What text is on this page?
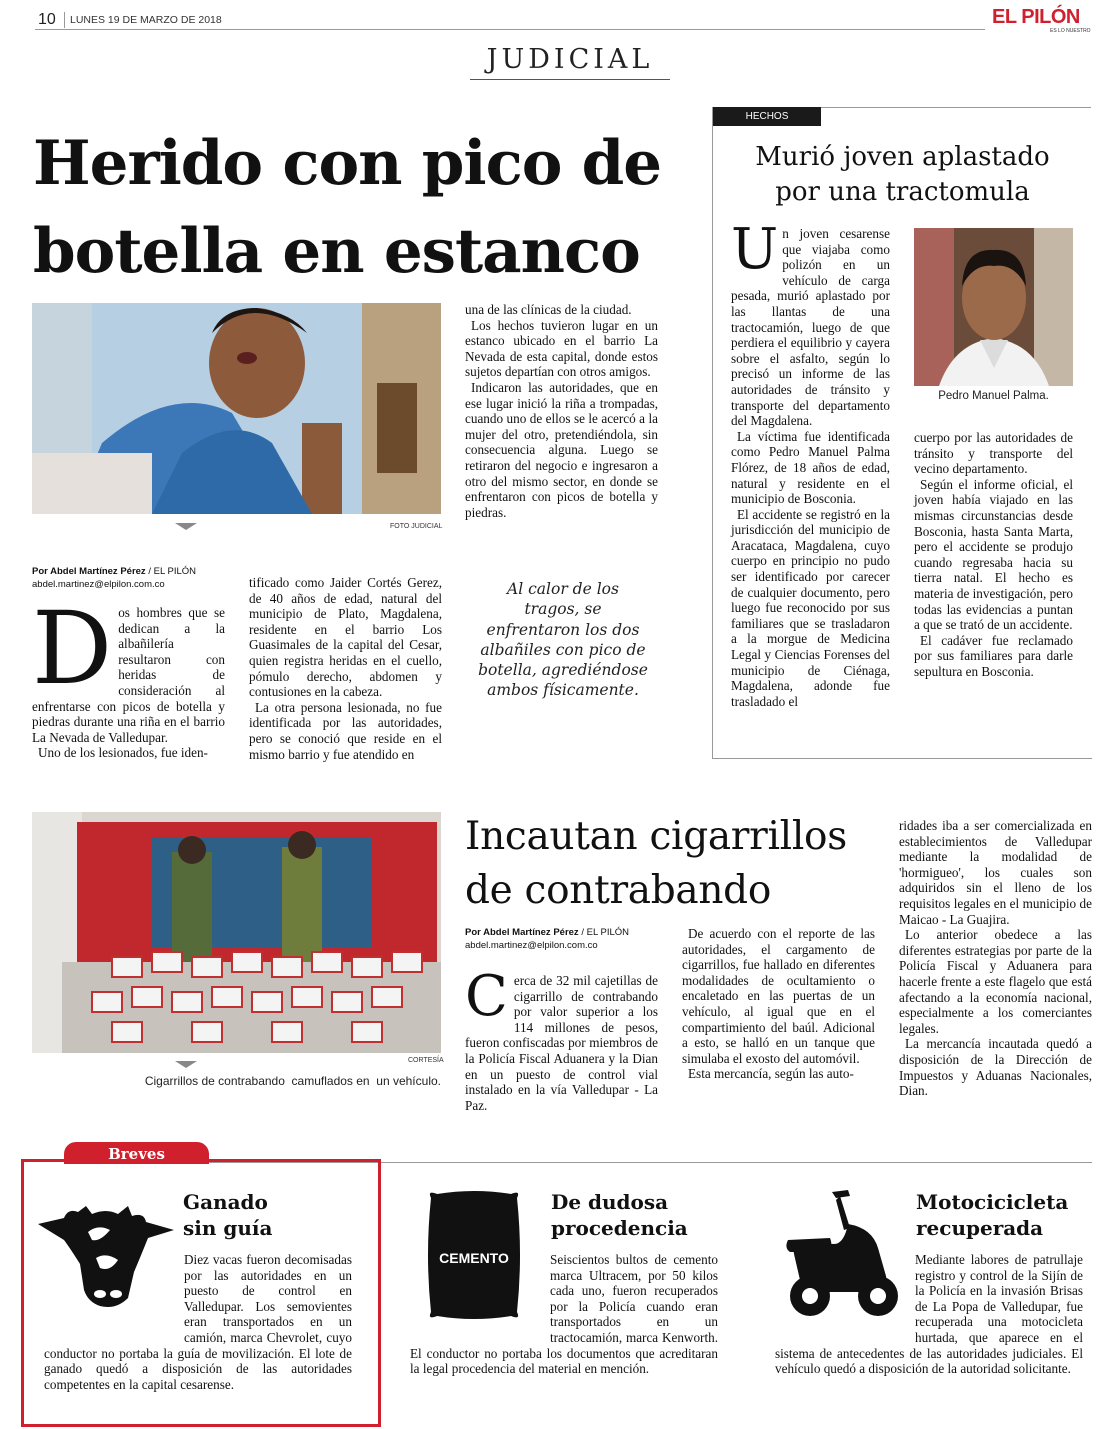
10 LUNES 19 DE MARZO DE 2018	EL PILÓN
ES LO NUESTRO
JUDICIAL
Herido con pico de botella en estanco
FOTO JUDICIAL
Por Abdel Martínez Pérez / EL PILÓN
abdel.martinez@elpilon.com.co
D os hombres que se dedican a la albañilería resultaron con heridas de consideración al enfrentarse con picos de botella y piedras durante una riña en el barrio La Nevada de Valledupar.

Uno de los lesionados, fue iden-

tificado como Jaider Cortés Gerez, de 40 años de edad, natural del municipio de Plato, Magdalena, residente en el barrio Los Guasimales de la capital del Cesar, quien registra heridas en el cuello, pómulo derecho, abdomen y contusiones en la cabeza.

La otra persona lesionada, no fue identificada por las autoridades, pero se conoció que reside en el mismo barrio y fue atendido en

una de las clínicas de la ciudad.

Los hechos tuvieron lugar en un estanco ubicado en el barrio La Nevada de esta capital, donde estos sujetos departían con otros amigos.

Indicaron las autoridades, que en ese lugar inició la riña a trompadas, cuando uno de ellos se le acercó a la mujer del otro, pretendiéndola, sin consecuencia alguna. Luego se retiraron del negocio e ingresaron a otro del mismo sector, en donde se enfrentaron con picos de botella y piedras.

Al calor de los tragos, se enfrentaron los dos albañiles con pico de botella, agrediéndose ambos físicamente.
HECHOS
Murió joven aplastado por una tractomula
Pedro Manuel Palma.
U n joven cesarense que viajaba como polizón en un vehículo de carga pesada, murió aplastado por las llantas de una tractocamión, luego de que perdiera el equilibrio y cayera sobre el asfalto, según lo precisó un informe de las autoridades de tránsito y transporte del departamento del Magdalena.

La víctima fue identificada como Pedro Manuel Palma Flórez, de 18 años de edad, natural y residente en el municipio de Bosconia.

El accidente se registró en la jurisdicción del municipio de Aracataca, Magdalena, cuyo cuerpo en principio no pudo ser identificado por carecer de cualquier documento, pero luego fue reconocido por sus familiares que se trasladaron a la morgue de Medicina Legal y Ciencias Forenses del municipio de Ciénaga, Magdalena, adonde fue trasladado el

cuerpo por las autoridades de tránsito y transporte del vecino departamento.

Según el informe oficial, el joven había viajado en las mismas circunstancias desde Bosconia, hasta Santa Marta, pero el accidente se produjo cuando regresaba hacia su tierra natal. El hecho es materia de investigación, pero todas las evidencias a puntan a que se trató de un accidente.

El cadáver fue reclamado por sus familiares para darle sepultura en Bosconia.

CORTESÍA
Cigarrillos de contrabando  camuflados en  un vehículo.
Incautan cigarrillos de contrabando
Por Abdel Martínez Pérez / EL PILÓN
abdel.martinez@elpilon.com.co
C erca de 32 mil cajetillas de cigarrillo de contrabando por valor superior a los 114 millones de pesos, fueron confiscadas por miembros de la Policía Fiscal Aduanera y la Dian en un puesto de control vial instalado en la vía Valledupar - La Paz.

De acuerdo con el reporte de las autoridades, el cargamento de cigarrillos, fue hallado en diferentes modalidades de ocultamiento o encaletado en las puertas de un vehículo, al igual que en el compartimiento del baúl. Adicional a esto, se halló en un tanque que simulaba el exosto del automóvil.

Esta mercancía, según las auto-

ridades iba a ser comercializada en establecimientos de Valledupar mediante la modalidad de 'hormigueo', los cuales son adquiridos sin el lleno de los requisitos legales en el municipio de Maicao - La Guajira.

Lo anterior obedece a las diferentes estrategias por parte de la Policía Fiscal y Aduanera para hacerle frente a este flagelo que está afectando a la economía nacional, especialmente a los comerciantes legales.

La mercancía incautada quedó a disposición de la Dirección de Impuestos y Aduanas Nacionales, Dian.

Breves
Ganado sin guía
Diez vacas fueron decomisadas por las autoridades en un puesto de control en Valledupar. Los semovientes eran transportados en un camión, marca Chevrolet, cuyo conductor no portaba la guía de movilización. El lote de ganado quedó a disposición de las autoridades competentes en la capital cesarense.
CEMENTO
De dudosa procedencia
Seiscientos bultos de cemento marca Ultracem, por 50 kilos cada uno, fueron recuperados por la Policía cuando eran transportados en un tractocamión, marca Kenworth. El conductor no portaba los documentos que acreditaran la legal procedencia del material en mención.
Motocicicleta recuperada
Mediante labores de patrullaje registro y control de la Sijín de la Policía en la invasión Brisas de La Popa de Valledupar, fue recuperada una motocicleta hurtada, que aparece en el sistema de antecedentes de las autoridades judiciales. El vehículo quedó a disposición de la autoridad solicitante.
